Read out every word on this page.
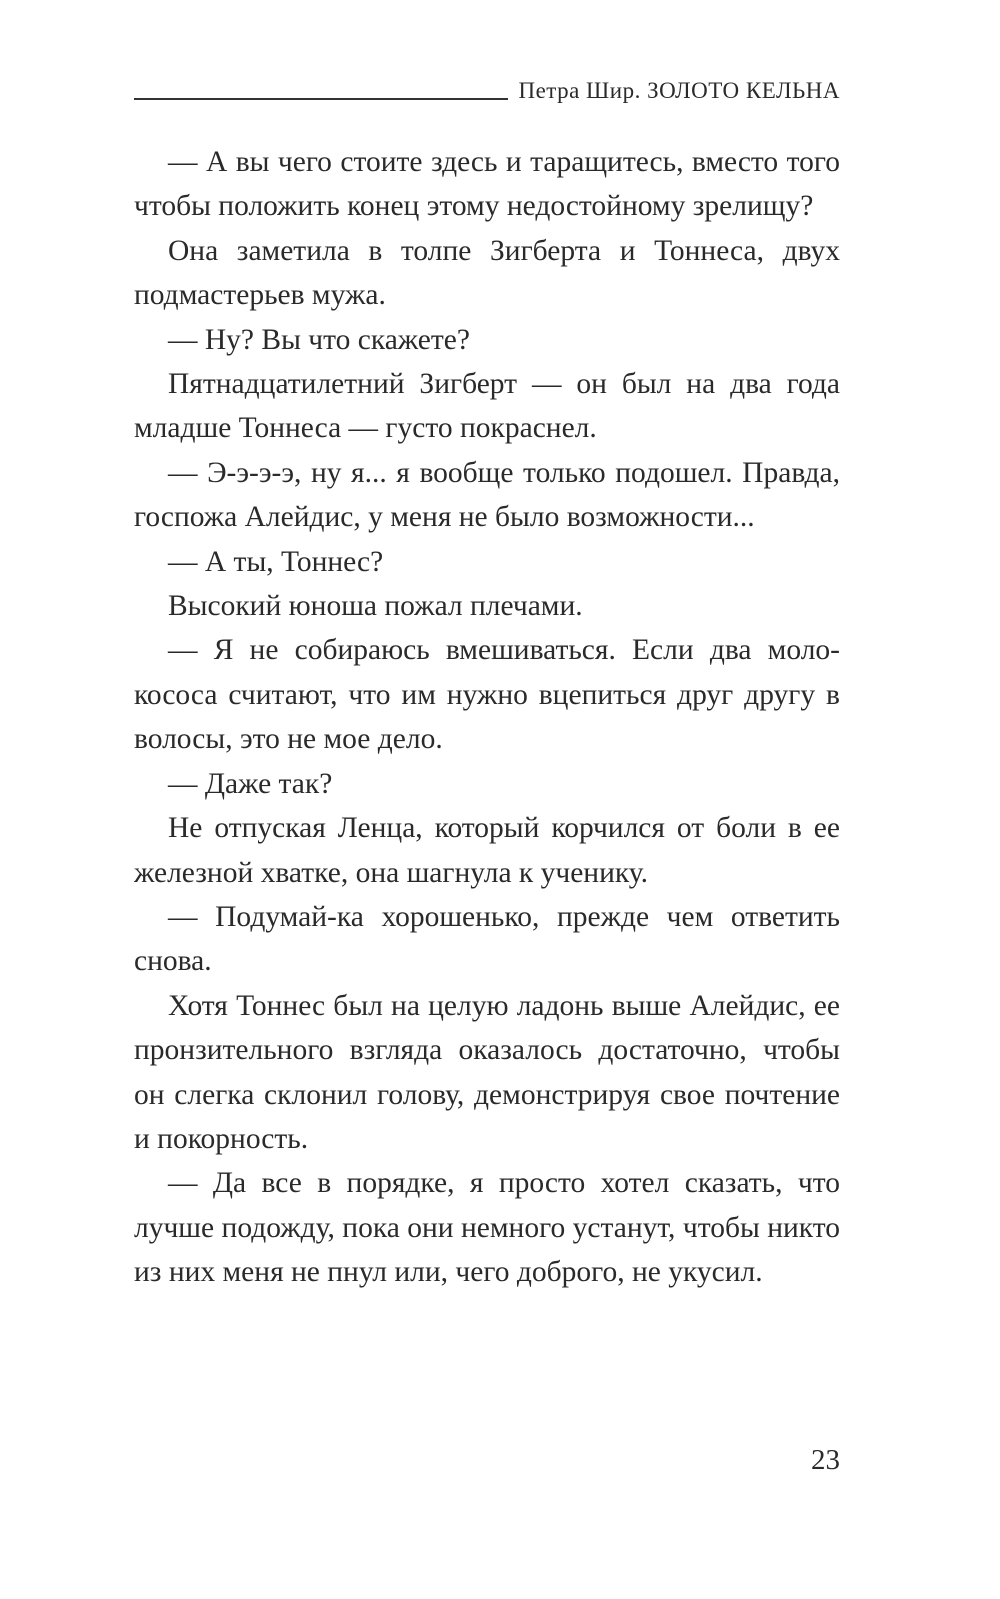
Петра Шир. ЗОЛОТО КЕЛЬНА

— А вы чего стоите здесь и таращитесь, вместо того чтобы положить конец этому недостойному зрелищу?

Она заметила в толпе Зигберта и Тоннеса, двух подмастерьев мужа.

— Ну? Вы что скажете?

Пятнадцатилетний Зигберт — он был на два года младше Тоннеса — густо покраснел.

— Э-э-э-э, ну я... я вообще только подошел. Правда, госпожа Алейдис, у меня не было возможности...

— А ты, Тоннес?

Высокий юноша пожал плечами.

— Я не собираюсь вмешиваться. Если два молокососа считают, что им нужно вцепиться друг другу в волосы, это не мое дело.

— Даже так?

Не отпуская Ленца, который корчился от боли в ее железной хватке, она шагнула к ученику.

— Подумай-ка хорошенько, прежде чем ответить снова.

Хотя Тоннес был на целую ладонь выше Алейдис, ее пронзительного взгляда оказалось достаточно, чтобы он слегка склонил голову, демонстрируя свое почтение и покорность.

— Да все в порядке, я просто хотел сказать, что лучше подожду, пока они немного устанут, чтобы никто из них меня не пнул или, чего доброго, не укусил.

23
